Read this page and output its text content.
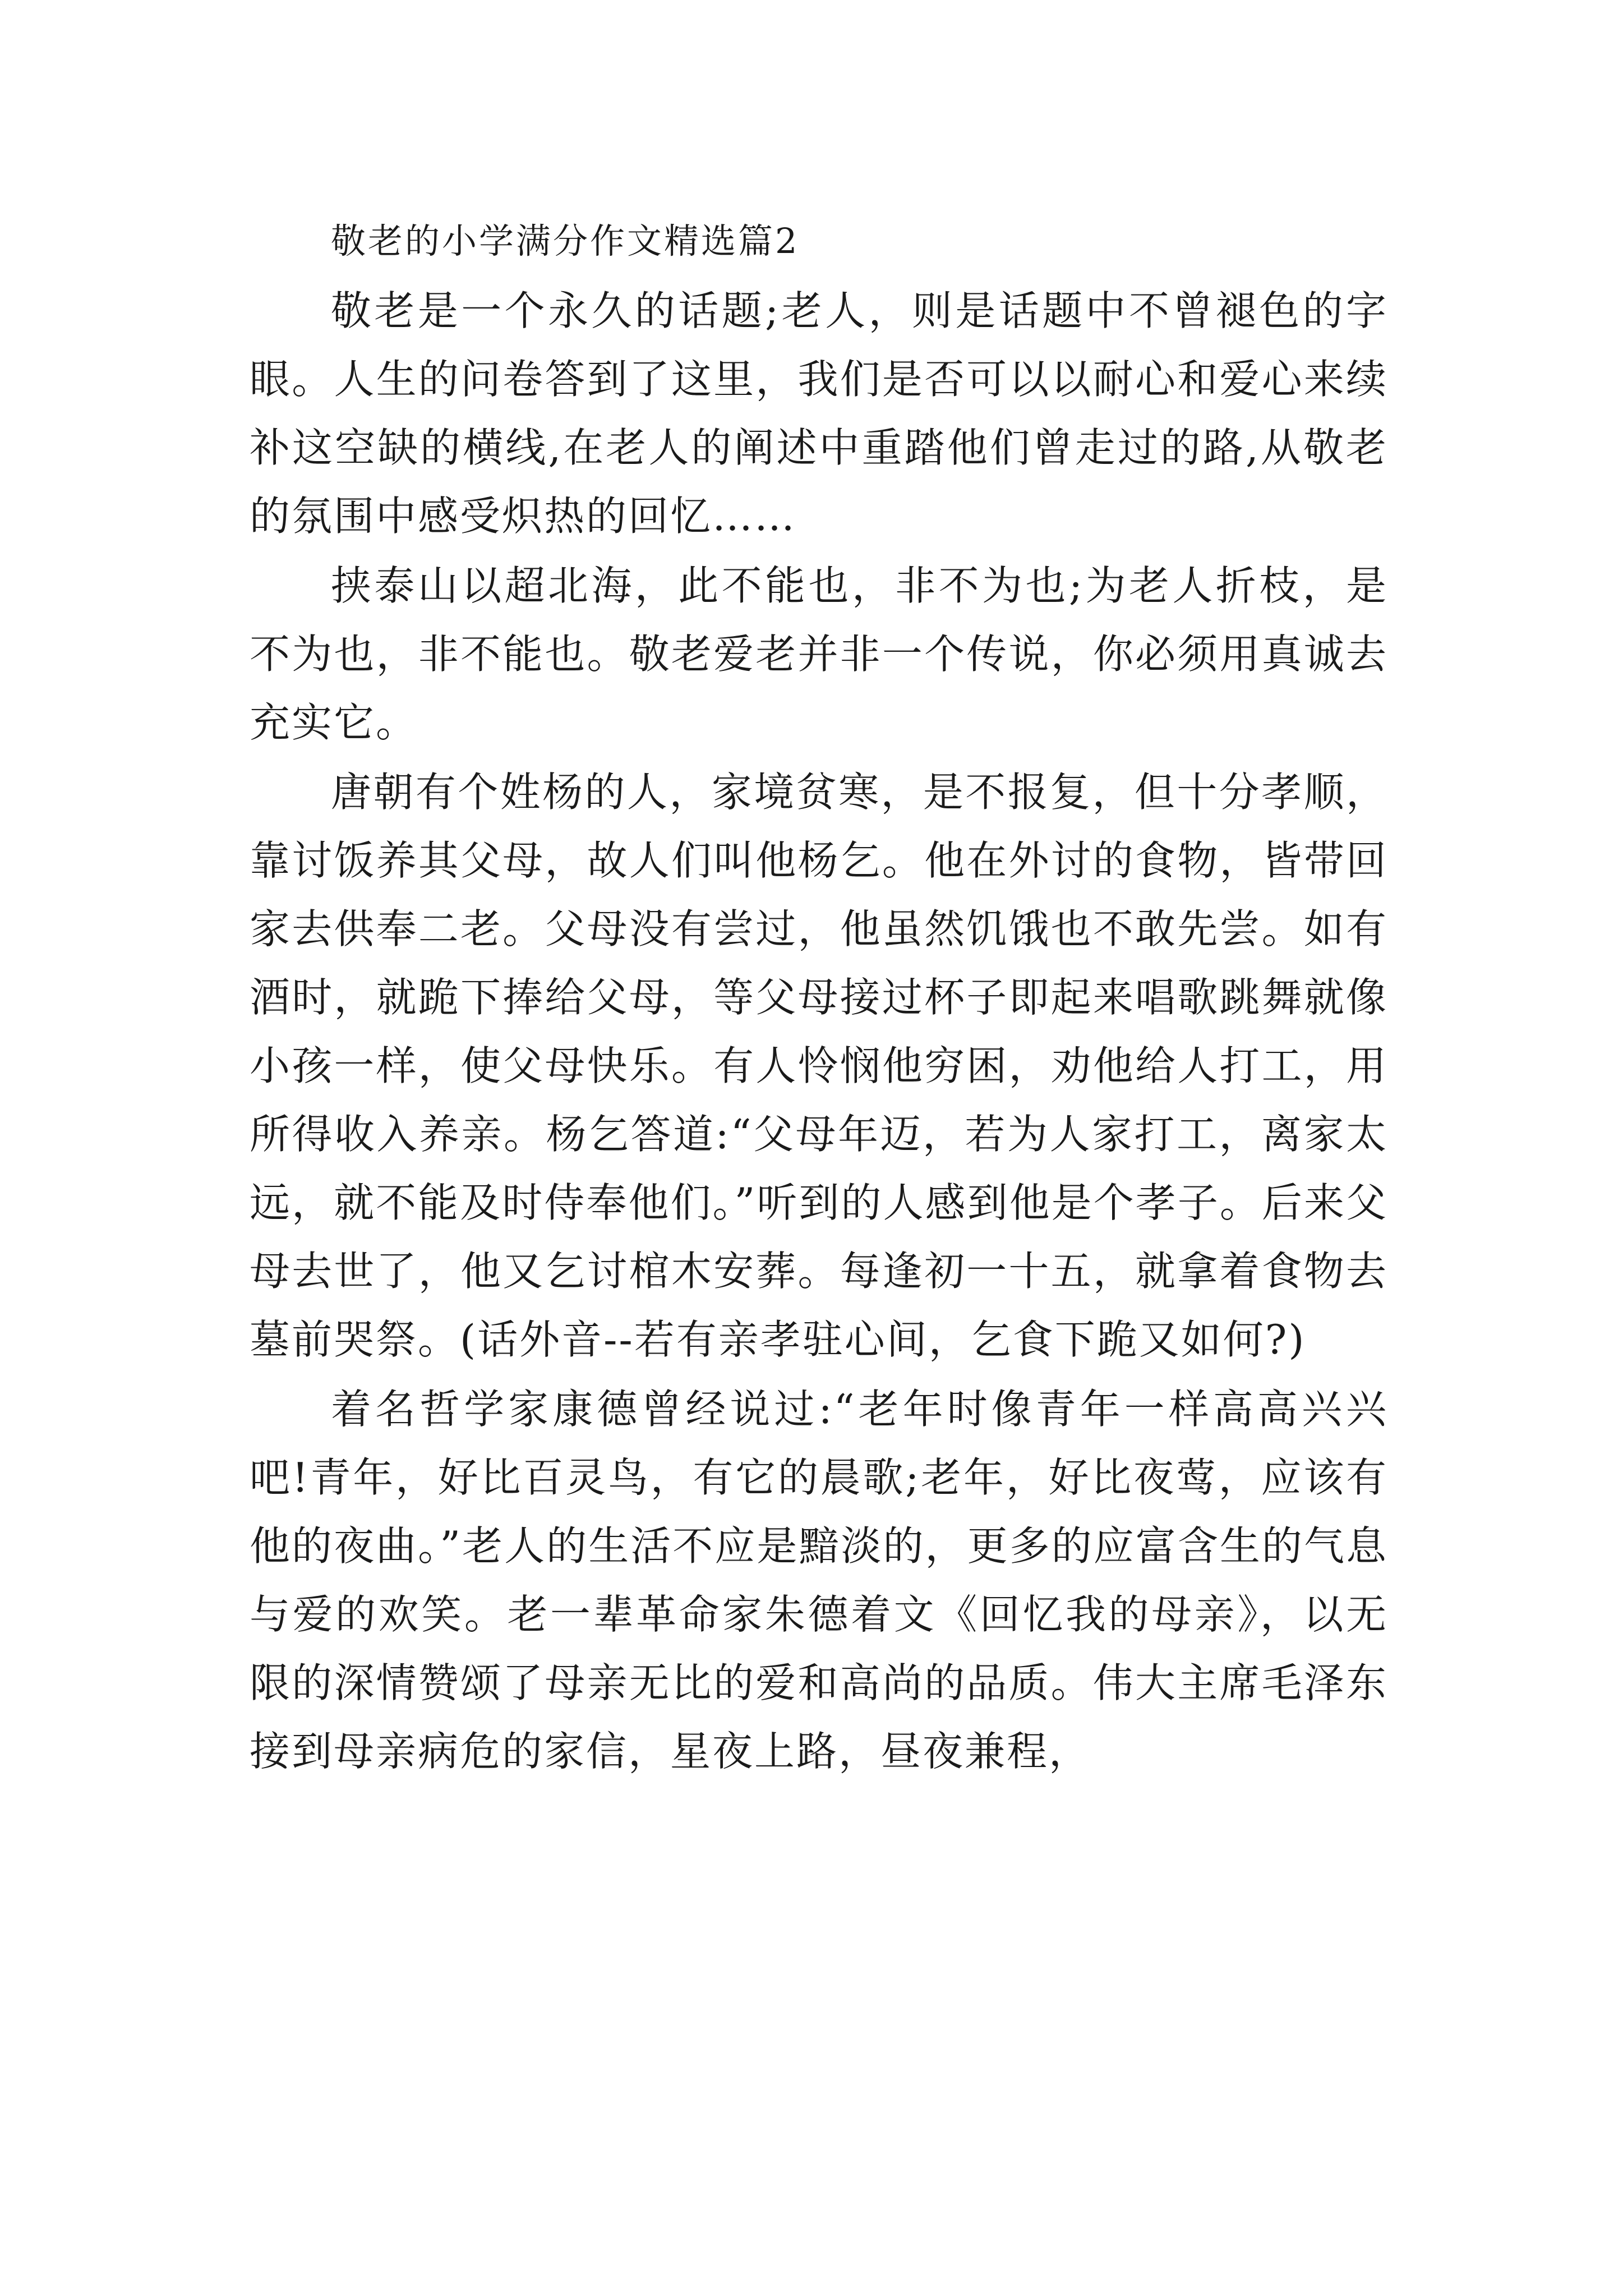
敬老的小学满分作文精选篇2

敬老是一个永久的话题;老人，则是话题中不曾褪色的字眼。人生的问卷答到了这里，我们是否可以以耐心和爱心来续补这空缺的横线,在老人的阐述中重踏他们曾走过的路,从敬老的氛围中感受炽热的回忆……

挟泰山以超北海，此不能也，非不为也;为老人折枝，是不为也，非不能也。敬老爱老并非一个传说，你必须用真诚去充实它。

唐朝有个姓杨的人，家境贫寒，是不报复，但十分孝顺，靠讨饭养其父母，故人们叫他杨乞。他在外讨的食物，皆带回家去供奉二老。父母没有尝过，他虽然饥饿也不敢先尝。如有酒时，就跪下捧给父母，等父母接过杯子即起来唱歌跳舞就像小孩一样，使父母快乐。有人怜悯他穷困，劝他给人打工，用所得收入养亲。杨乞答道:“父母年迈，若为人家打工，离家太远，就不能及时侍奉他们。”听到的人感到他是个孝子。后来父母去世了，他又乞讨棺木安葬。每逢初一十五，就拿着食物去墓前哭祭。(话外音--若有亲孝驻心间，乞食下跪又如何?)

着名哲学家康德曾经说过:“老年时像青年一样高高兴兴吧!青年，好比百灵鸟，有它的晨歌;老年，好比夜莺，应该有他的夜曲。”老人的生活不应是黯淡的，更多的应富含生的气息与爱的欢笑。老一辈革命家朱德着文《回忆我的母亲》，以无限的深情赞颂了母亲无比的爱和高尚的品质。伟大主席毛泽东接到母亲病危的家信，星夜上路，昼夜兼程，
